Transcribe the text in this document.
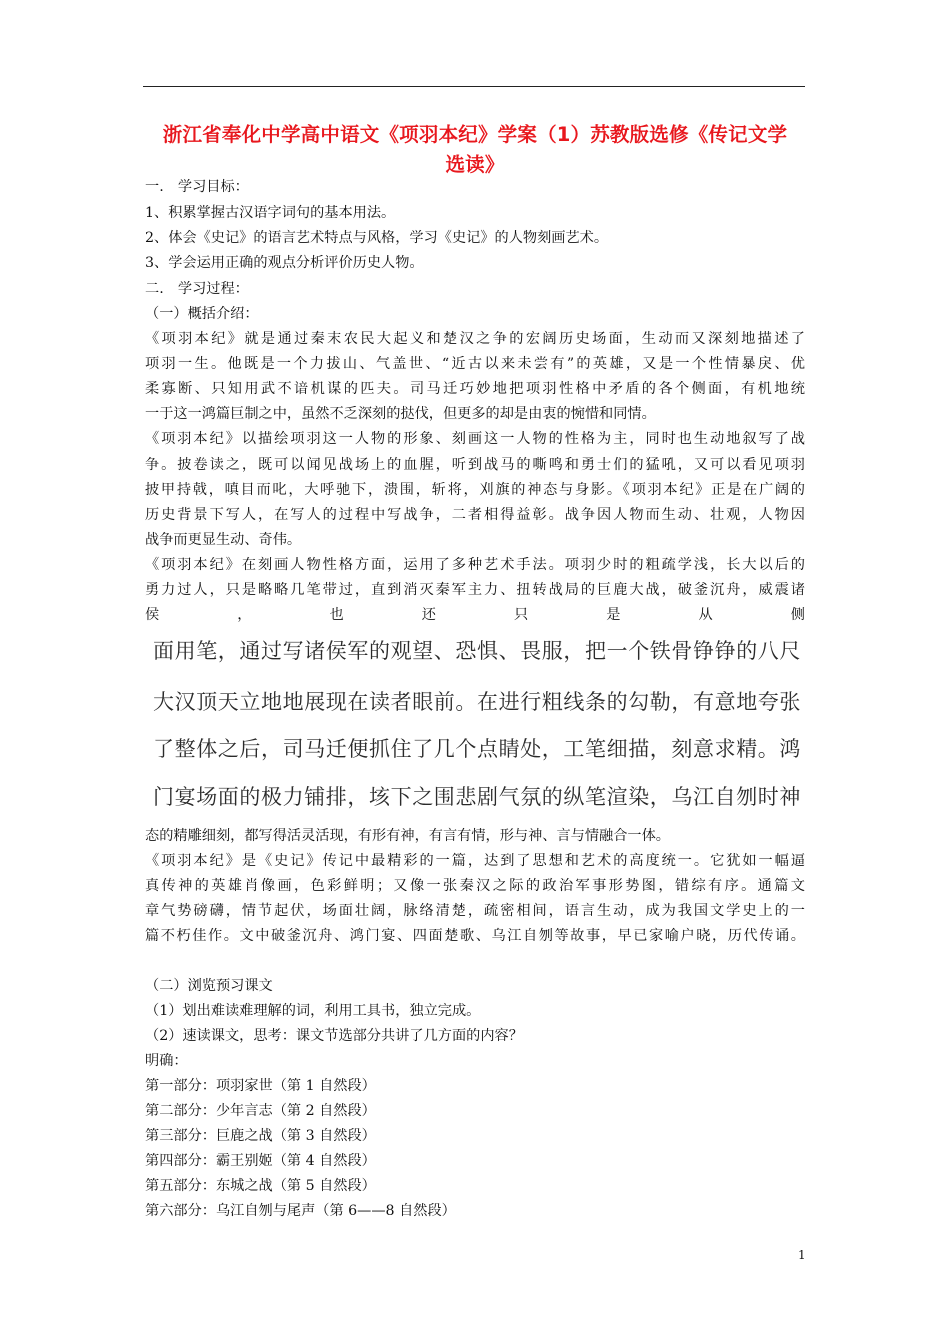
浙江省奉化中学高中语文《项羽本纪》学案（1）苏教版选修《传记文学
选读》
一.　学习目标：
1、积累掌握古汉语字词句的基本用法。
2、体会《史记》的语言艺术特点与风格，学习《史记》的人物刻画艺术。
3、学会运用正确的观点分析评价历史人物。
二.　学习过程：
（一）概括介绍：
《项羽本纪》就是通过秦末农民大起义和楚汉之争的宏阔历史场面，生动而又深刻地描述了
项羽一生。他既是一个力拔山、气盖世、“近古以来未尝有”的英雄，又是一个性情暴戾、优
柔寡断、只知用武不谙机谋的匹夫。司马迁巧妙地把项羽性格中矛盾的各个侧面，有机地统
一于这一鸿篇巨制之中，虽然不乏深刻的挞伐，但更多的却是由衷的惋惜和同情。
《项羽本纪》以描绘项羽这一人物的形象、刻画这一人物的性格为主，同时也生动地叙写了战
争。披卷读之，既可以闻见战场上的血腥，听到战马的嘶鸣和勇士们的猛吼，又可以看见项羽
披甲持戟，嗔目而叱，大呼驰下，溃围，斩将，刈旗的神态与身影。《项羽本纪》正是在广阔的
历史背景下写人，在写人的过程中写战争，二者相得益彰。战争因人物而生动、壮观，人物因
战争而更显生动、奇伟。
《项羽本纪》在刻画人物性格方面，运用了多种艺术手法。项羽少时的粗疏学浅，长大以后的
勇力过人，只是略略几笔带过，直到消灭秦军主力、扭转战局的巨鹿大战，破釜沉舟，威震诸
侯	，	也	还	只	是	从	侧
面用笔，通过写诸侯军的观望、恐惧、畏服，把一个铁骨铮铮的八尺
大汉顶天立地地展现在读者眼前。在进行粗线条的勾勒，有意地夸张
了整体之后，司马迁便抓住了几个点睛处，工笔细描，刻意求精。鸿
门宴场面的极力铺排，垓下之围悲剧气氛的纵笔渲染，乌江自刎时神
态的精雕细刻，都写得活灵活现，有形有神，有言有情，形与神、言与情融合一体。
《项羽本纪》是《史记》传记中最精彩的一篇，达到了思想和艺术的高度统一。它犹如一幅逼
真传神的英雄肖像画，色彩鲜明；又像一张秦汉之际的政治军事形势图，错综有序。通篇文
章气势磅礴，情节起伏，场面壮阔，脉络清楚，疏密相间，语言生动，成为我国文学史上的一
篇不朽佳作。文中破釜沉舟、鸿门宴、四面楚歌、乌江自刎等故事，早已家喻户晓，历代传诵。
（二）浏览预习课文
（1）划出难读难理解的词，利用工具书，独立完成。
（2）速读课文，思考：课文节选部分共讲了几方面的内容？
明确：
第一部分：项羽家世（第 1 自然段）
第二部分：少年言志（第 2 自然段）
第三部分：巨鹿之战（第 3 自然段）
第四部分：霸王别姬（第 4 自然段）
第五部分：东城之战（第 5 自然段）
第六部分：乌江自刎与尾声（第 6——8 自然段）
1
